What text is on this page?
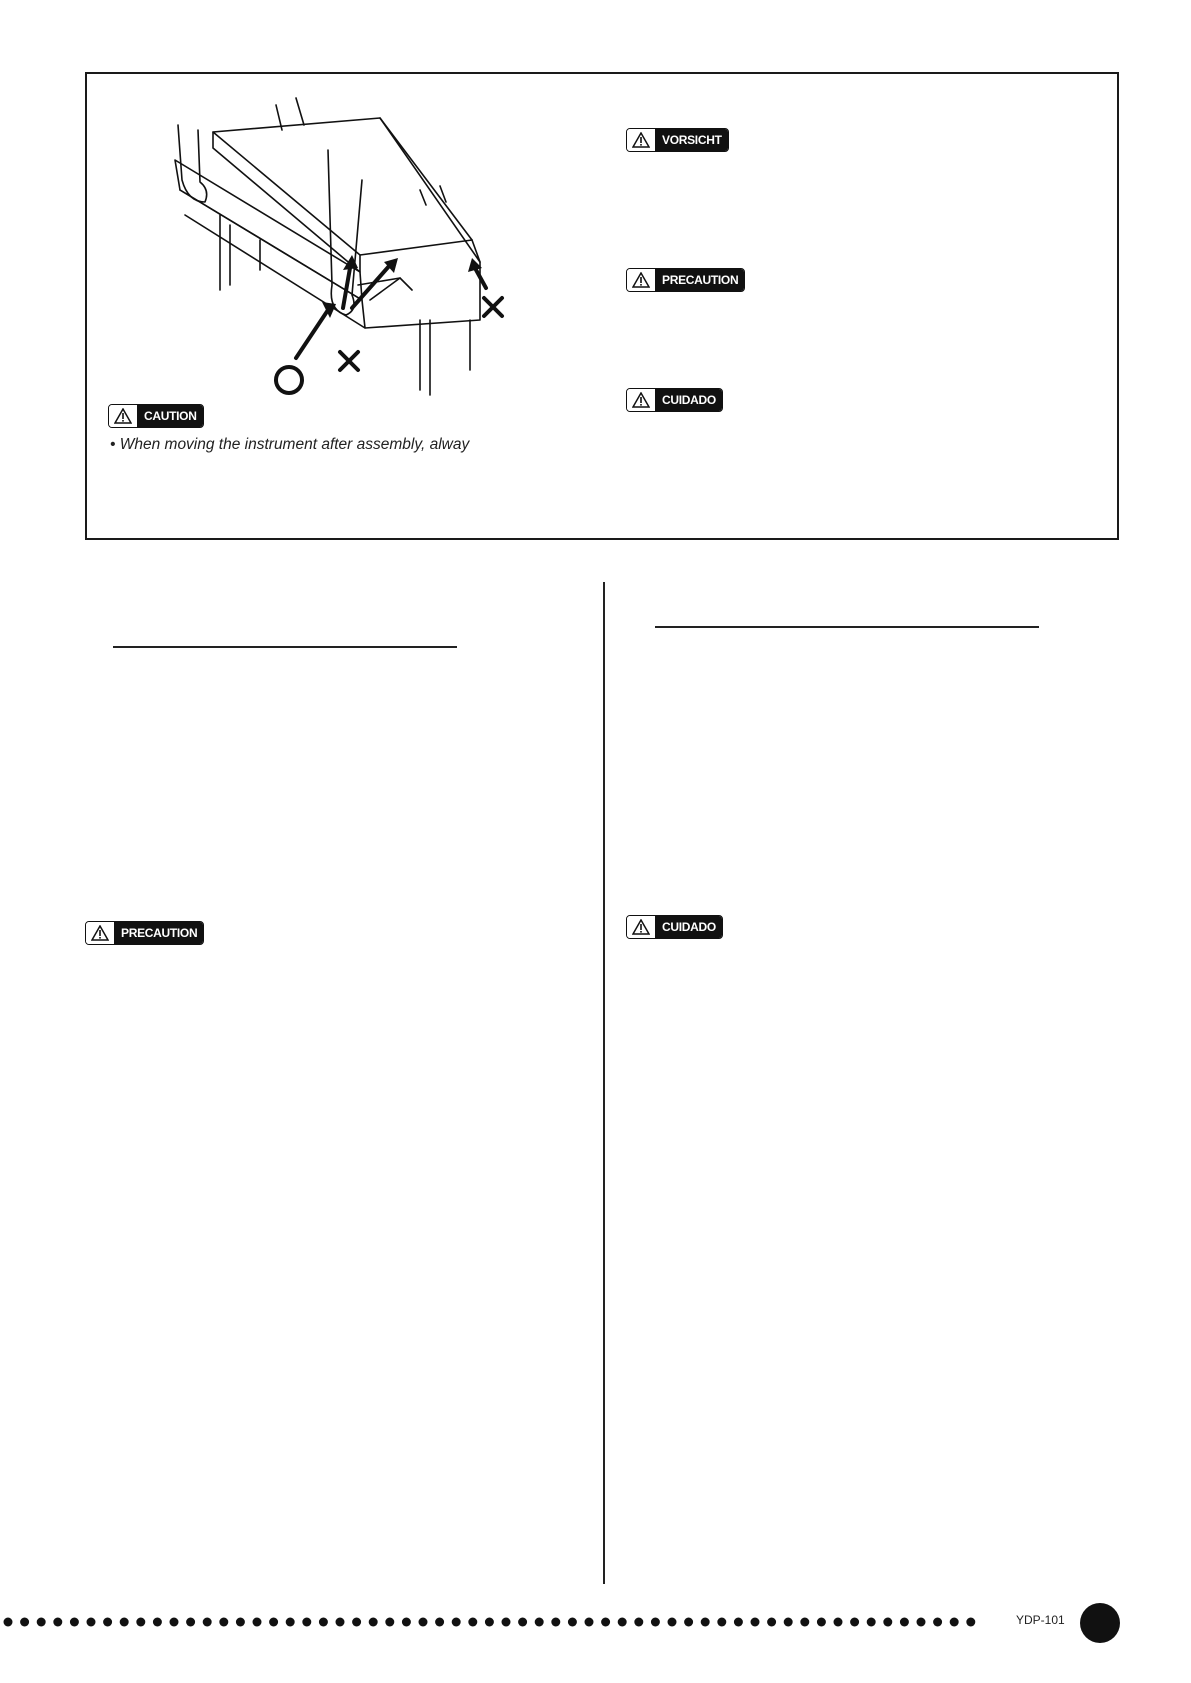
CAUTION
• When moving the instrument after assembly, alway
VORSICHT
PRECAUTION
CUIDADO
PRECAUTION	CUIDADO
YDP-101
